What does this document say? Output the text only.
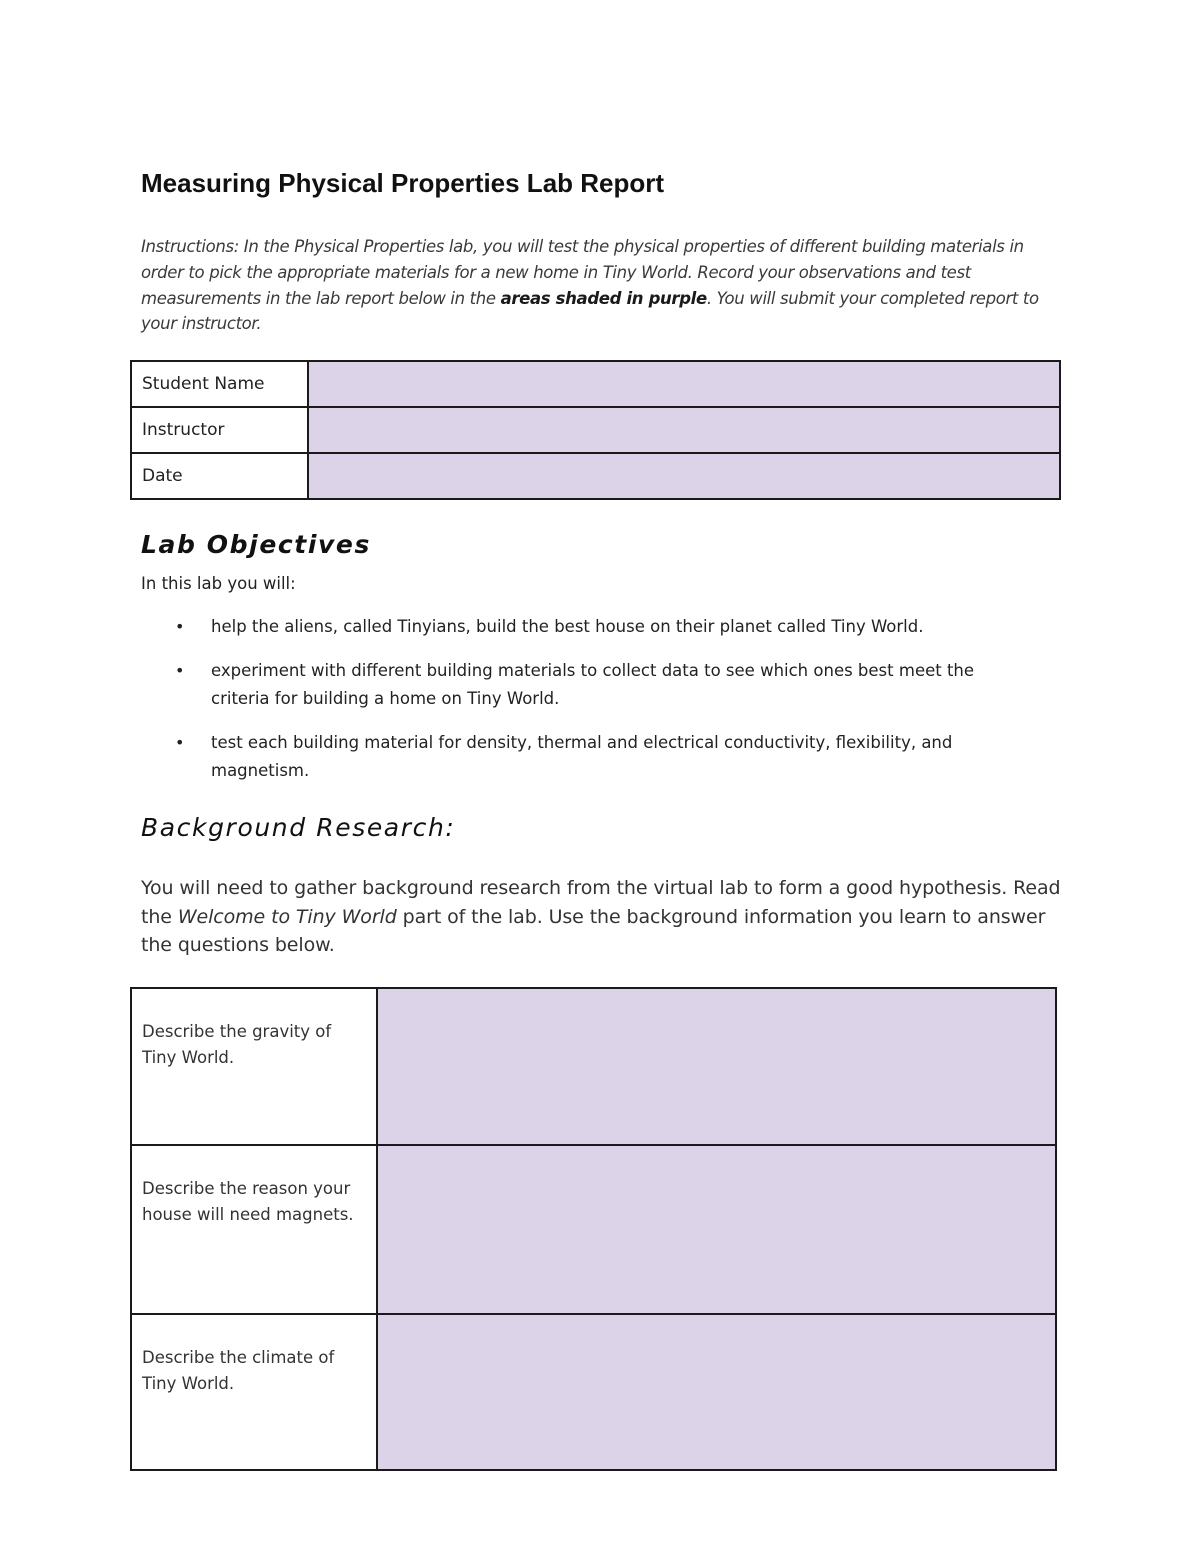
Measuring Physical Properties Lab Report
Instructions: In the Physical Properties lab, you will test the physical properties of different building materials in order to pick the appropriate materials for a new home in Tiny World. Record your observations and test measurements in the lab report below in the areas shaded in purple. You will submit your completed report to your instructor.
Student Name	
Instructor	
Date	
Lab Objectives
In this lab you will:
• help the aliens, called Tinyians, build the best house on their planet called Tiny World.
• experiment with different building materials to collect data to see which ones best meet the criteria for building a home on Tiny World.
• test each building material for density, thermal and electrical conductivity, flexibility, and magnetism.
Background Research:
You will need to gather background research from the virtual lab to form a good hypothesis. Read the Welcome to Tiny World part of the lab. Use the background information you learn to answer the questions below.
Describe the gravity of Tiny World.	

Describe the reason your house will need magnets.	

Describe the climate of Tiny World.	
